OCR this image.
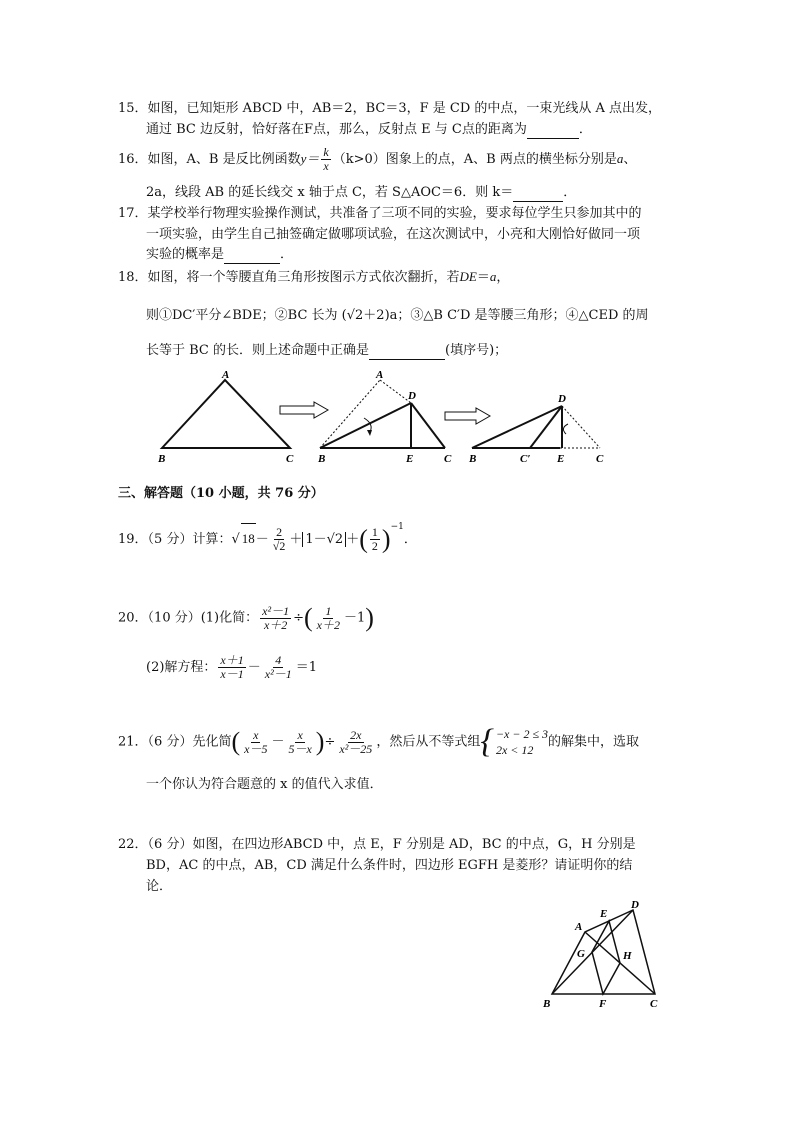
15．如图，已知矩形 ABCD 中，AB＝2，BC＝3，F 是 CD 的中点，一束光线从 A 点出发，
通过 BC 边反射，恰好落在F点，那么，反射点 E 与 C点的距离为	．
16．如图，A、B 是反比例函数$y= \frac{k}{x} (k>0)$图象上的点，A、B 两点的横坐标分别是a、
2a，线段 AB 的延长线交 x 轴于点 C，若 S△AOC＝6．则 k＝	．
17．某学校举行物理实验操作测试，共准备了三项不同的实验，要求每位学生只参加其中的
一项实验，由学生自己抽签确定做哪项试验，在这次测试中，小亮和大刚恰好做同一项
实验的概率是	．
18．如图，将一个等腰直角三角形按图示方式依次翻折，若DE＝a，
则①DC′平分∠BDE；②BC 长为 (√2＋2)a；③△B C′D 是等腰三角形；④△CED 的周
长等于 BC 的长．则上述命题中正确是	(填序号)；
A
B	C
A
D
B	E	C
D
B	C′ E	C
三、解答题（10 小题，共 76 分）
19．（5 分）计算：√ $18- \frac{2}{√2} + 1-√2$ ＋( $\frac{1}{2} )^{-1}$．
20．（10 分）(1)化简： $\frac{\text{x²－1}}{x+2}$ ÷( $\frac{1}{x+2} -1$)
(2)解方程： $\frac{x+1}{x-1} - \frac{4}{\text{x²－1}} =1$
21．（6 分）先化简( $\frac{x}{x-5} - \frac{x}{5-x}$ )÷ $\frac{2x}{\text{x²－25}}$ ，然后从不等式组 { −x − 2 ≤ 3
2x < 12
的解集中，选取
一个你认为符合题意的 x 的值代入求值．
22．（6 分）如图，在四边形ABCD 中，点 E，F 分别是 AD，BC 的中点，G，H 分别是
BD，AC 的中点，AB，CD 满足什么条件时，四边形 EGFH 是菱形？请证明你的结
论．
A
E
D
G	H
B	F	C
